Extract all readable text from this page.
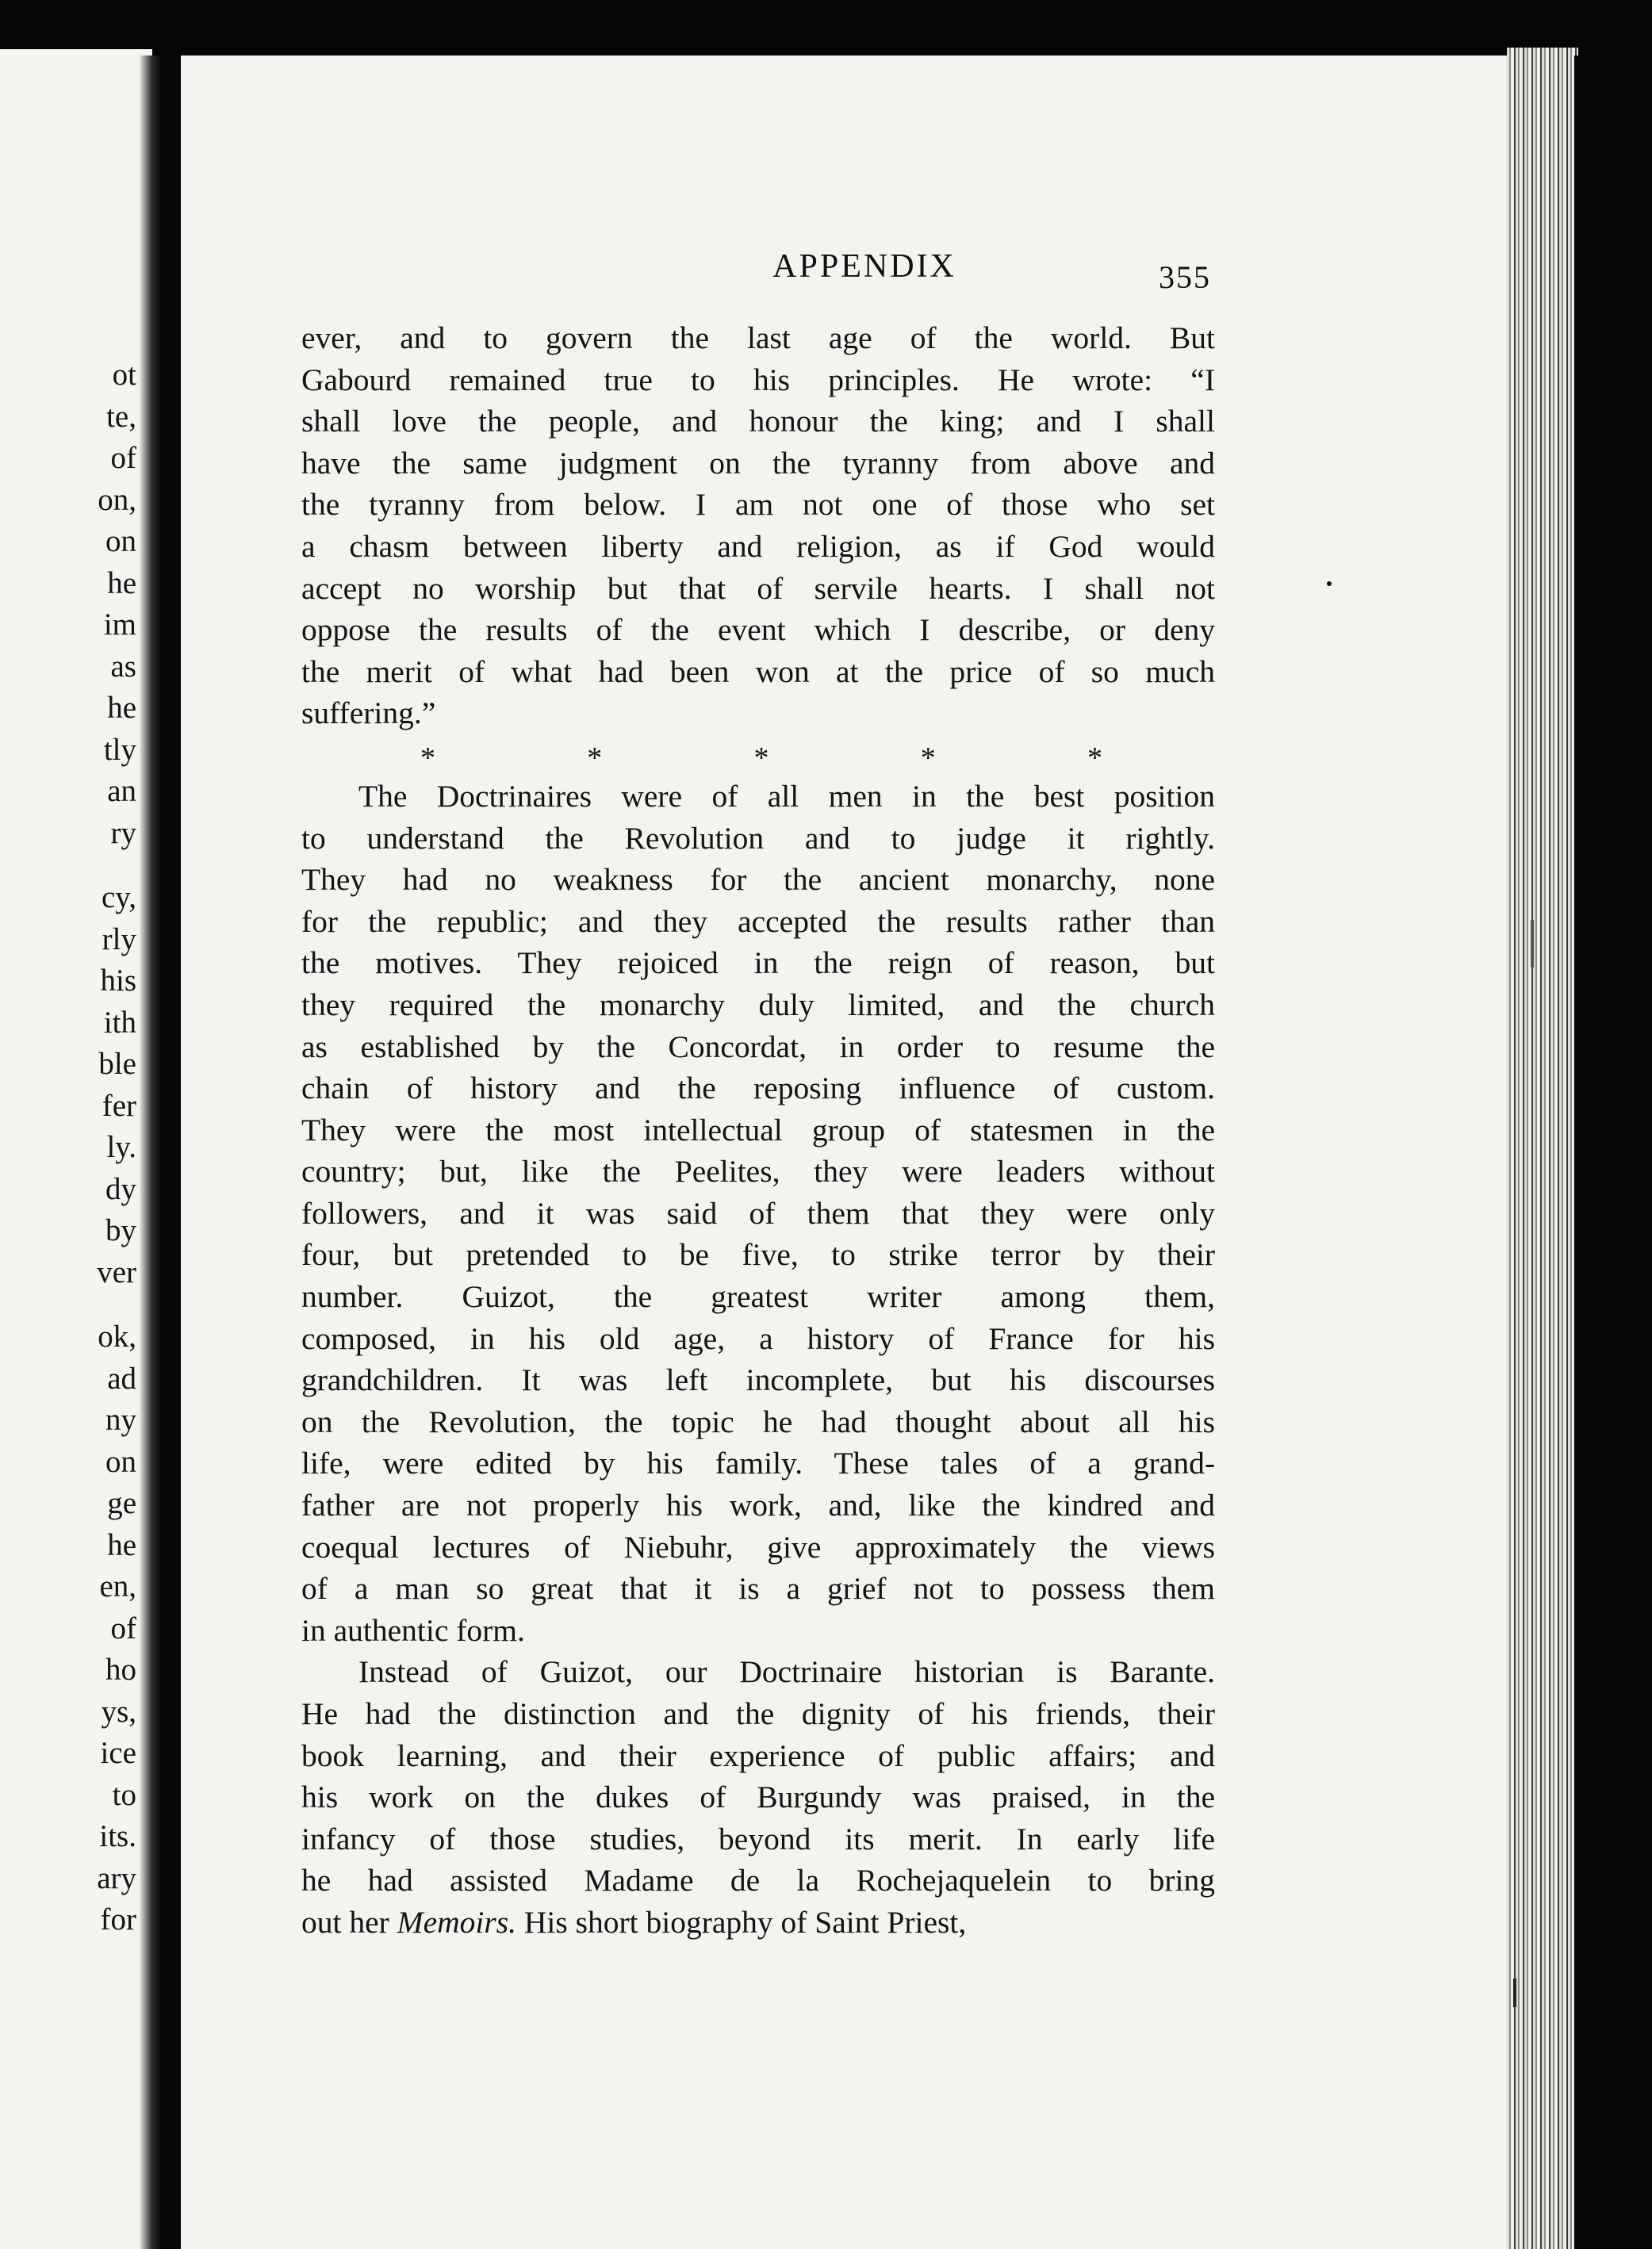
ot
te,
of
on,
on
he
im
as
he
tly
an
ry
cy,
rly
his
ith
ble
fer
ly.
dy
by
ver
ok,
ad
ny
on
ge
he
en,
of
ho
ys,
ice
to
its.
ary
for
APPENDIX	355

ever, and to govern the last age of the world. But
Gabourd remained true to his principles. He wrote: “I
shall love the people, and honour the king; and I shall
have the same judgment on the tyranny from above and
the tyranny from below. I am not one of those who set
a chasm between liberty and religion, as if God would
accept no worship but that of servile hearts. I shall not
oppose the results of the event which I describe, or deny
the merit of what had been won at the price of so much
suffering.”

*	*	*	*	*

The Doctrinaires were of all men in the best position
to understand the Revolution and to judge it rightly.
They had no weakness for the ancient monarchy, none
for the republic; and they accepted the results rather than
the motives. They rejoiced in the reign of reason, but
they required the monarchy duly limited, and the church
as established by the Concordat, in order to resume the
chain of history and the reposing influence of custom.
They were the most intellectual group of statesmen in the
country; but, like the Peelites, they were leaders without
followers, and it was said of them that they were only
four, but pretended to be five, to strike terror by their
number. Guizot, the greatest writer among them,
composed, in his old age, a history of France for his
grandchildren. It was left incomplete, but his discourses
on the Revolution, the topic he had thought about all his
life, were edited by his family. These tales of a grand-
father are not properly his work, and, like the kindred and
coequal lectures of Niebuhr, give approximately the views
of a man so great that it is a grief not to possess them
in authentic form.

Instead of Guizot, our Doctrinaire historian is Barante.
He had the distinction and the dignity of his friends, their
book learning, and their experience of public affairs; and
his work on the dukes of Burgundy was praised, in the
infancy of those studies, beyond its merit. In early life
he had assisted Madame de la Rochejaquelein to bring
out her Memoirs. His short biography of Saint Priest,
